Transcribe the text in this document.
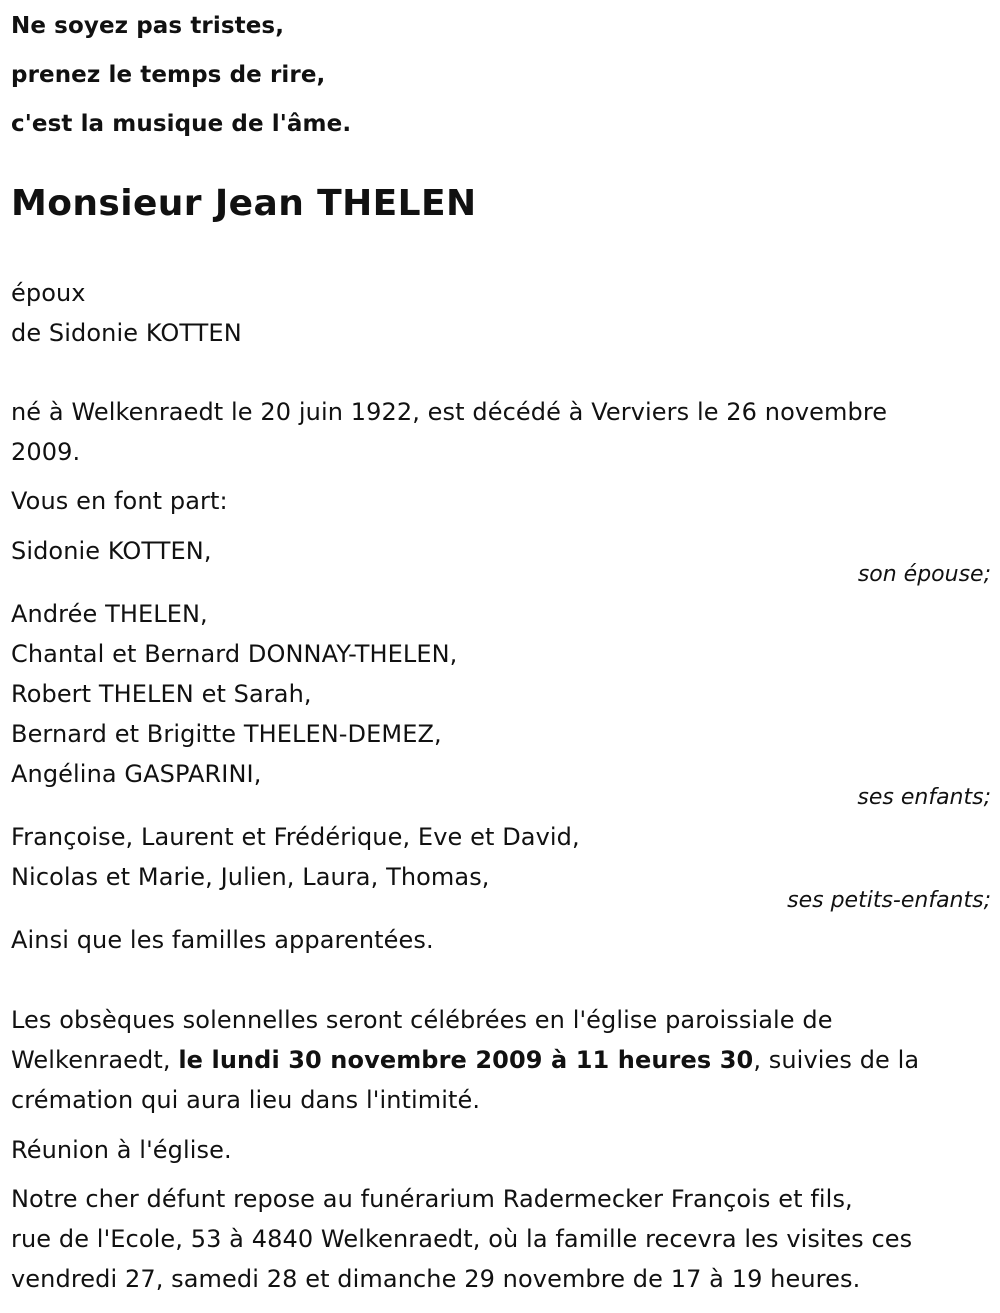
Ne soyez pas tristes,
prenez le temps de rire,
c'est la musique de l'âme.
Monsieur Jean THELEN
époux
de Sidonie KOTTEN
né à Welkenraedt le 20 juin 1922, est décédé à Verviers le 26 novembre
2009.
Vous en font part:
Sidonie KOTTEN,
son épouse;
Andrée THELEN,
Chantal et Bernard DONNAY-THELEN,
Robert THELEN et Sarah,
Bernard et Brigitte THELEN-DEMEZ,
Angélina GASPARINI,
ses enfants;
Françoise, Laurent et Frédérique, Eve et David,
Nicolas et Marie, Julien, Laura, Thomas,
ses petits-enfants;
Ainsi que les familles apparentées.
Les obsèques solennelles seront célébrées en l'église paroissiale de
Welkenraedt, le lundi 30 novembre 2009 à 11 heures 30, suivies de la
crémation qui aura lieu dans l'intimité.
Réunion à l'église.
Notre cher défunt repose au funérarium Radermecker François et fils,
rue de l'Ecole, 53 à 4840 Welkenraedt, où la famille recevra les visites ces
vendredi 27, samedi 28 et dimanche 29 novembre de 17 à 19 heures.
